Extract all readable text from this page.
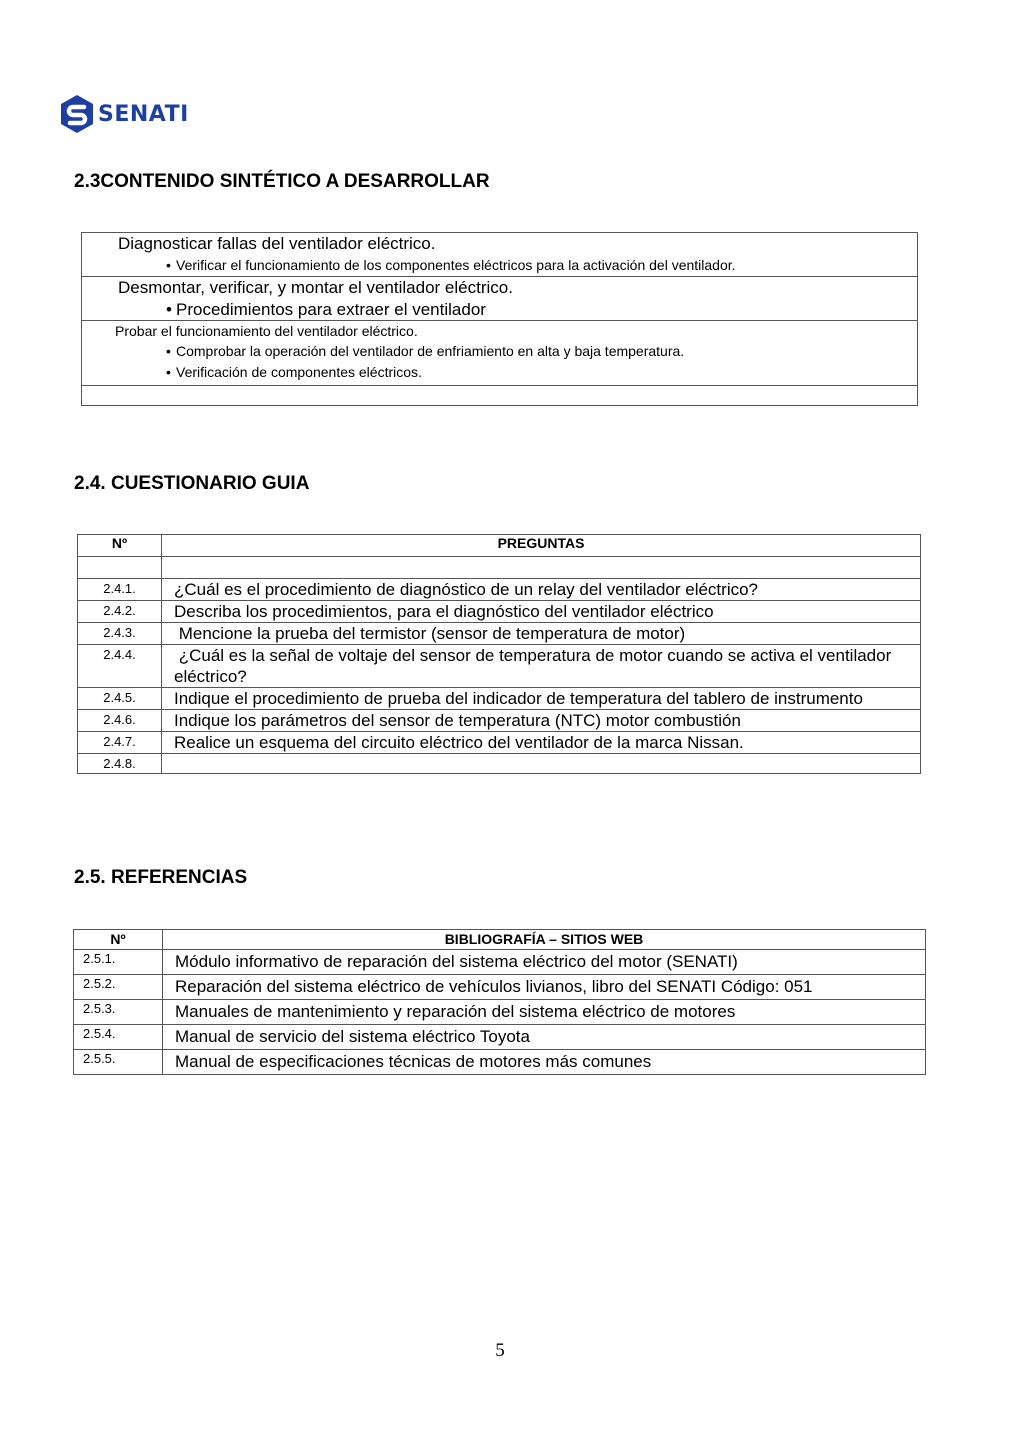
SENATI
2.3CONTENIDO SINTÉTICO A DESARROLLAR
Diagnosticar fallas del ventilador eléctrico.
• Verificar el funcionamiento de los componentes eléctricos para la activación del ventilador.

Desmontar, verificar, y montar el ventilador eléctrico.
• Procedimientos para extraer el ventilador

Probar el funcionamiento del ventilador eléctrico.
• Comprobar la operación del ventilador de enfriamiento en alta y baja temperatura.
• Verificación de componentes eléctricos.

2.4. CUESTIONARIO GUIA
Nº	PREGUNTAS

2.4.1.	¿Cuál es el procedimiento de diagnóstico de un relay del ventilador eléctrico?
2.4.2.	Describa los procedimientos, para el diagnóstico del ventilador eléctrico
2.4.3.	Mencione la prueba del termistor (sensor de temperatura de motor)
2.4.4.	¿Cuál es la señal de voltaje del sensor de temperatura de motor cuando se activa el ventilador eléctrico?
2.4.5.	Indique el procedimiento de prueba del indicador de temperatura del tablero de instrumento
2.4.6.	Indique los parámetros del sensor de temperatura (NTC) motor combustión
2.4.7.	Realice un esquema del circuito eléctrico del ventilador de la marca Nissan.
2.4.8.	
2.5. REFERENCIAS
Nº	BIBLIOGRAFÍA – SITIOS WEB
2.5.1.	Módulo informativo de reparación del sistema eléctrico del motor (SENATI)
2.5.2.	Reparación del sistema eléctrico de vehículos livianos, libro del SENATI Código: 051
2.5.3.	Manuales de mantenimiento y reparación del sistema eléctrico de motores
2.5.4.	Manual de servicio del sistema eléctrico Toyota
2.5.5.	Manual de especificaciones técnicas de motores más comunes
5
